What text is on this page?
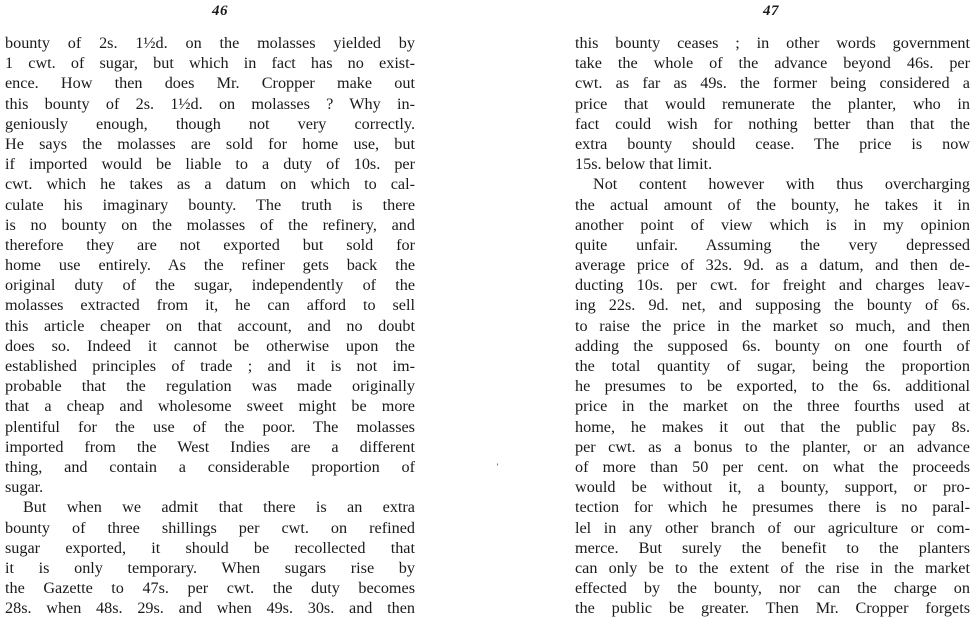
46
bounty of 2s. 1½d. on the molasses yielded by
1 cwt. of sugar, but which in fact has no exist-
ence. How then does Mr. Cropper make out
this bounty of 2s. 1½d. on molasses ? Why in-
geniously enough, though not very correctly.
He says the molasses are sold for home use, but
if imported would be liable to a duty of 10s. per
cwt. which he takes as a datum on which to cal-
culate his imaginary bounty. The truth is there
is no bounty on the molasses of the refinery, and
therefore they are not exported but sold for
home use entirely. As the refiner gets back the
original duty of the sugar, independently of the
molasses extracted from it, he can afford to sell
this article cheaper on that account, and no doubt
does so. Indeed it cannot be otherwise upon the
established principles of trade ; and it is not im-
probable that the regulation was made originally
that a cheap and wholesome sweet might be more
plentiful for the use of the poor. The molasses
imported from the West Indies are a different
thing, and contain a considerable proportion of
sugar.
But when we admit that there is an extra
bounty of three shillings per cwt. on refined
sugar exported, it should be recollected that
it is only temporary. When sugars rise by
the Gazette to 47s. per cwt. the duty becomes
28s. when 48s. 29s. and when 49s. 30s. and then
ʼ
47
this bounty ceases ; in other words government
take the whole of the advance beyond 46s. per
cwt. as far as 49s. the former being considered a
price that would remunerate the planter, who in
fact could wish for nothing better than that the
extra bounty should cease. The price is now
15s. below that limit.
Not content however with thus overcharging
the actual amount of the bounty, he takes it in
another point of view which is in my opinion
quite unfair. Assuming the very depressed
average price of 32s. 9d. as a datum, and then de-
ducting 10s. per cwt. for freight and charges leav-
ing 22s. 9d. net, and supposing the bounty of 6s.
to raise the price in the market so much, and then
adding the supposed 6s. bounty on one fourth of
the total quantity of sugar, being the proportion
he presumes to be exported, to the 6s. additional
price in the market on the three fourths used at
home, he makes it out that the public pay 8s.
per cwt. as a bonus to the planter, or an advance
of more than 50 per cent. on what the proceeds
would be without it, a bounty, support, or pro-
tection for which he presumes there is no paral-
lel in any other branch of our agriculture or com-
merce. But surely the benefit to the planters
can only be to the extent of the rise in the market
effected by the bounty, nor can the charge on
the public be greater. Then Mr. Cropper forgets
